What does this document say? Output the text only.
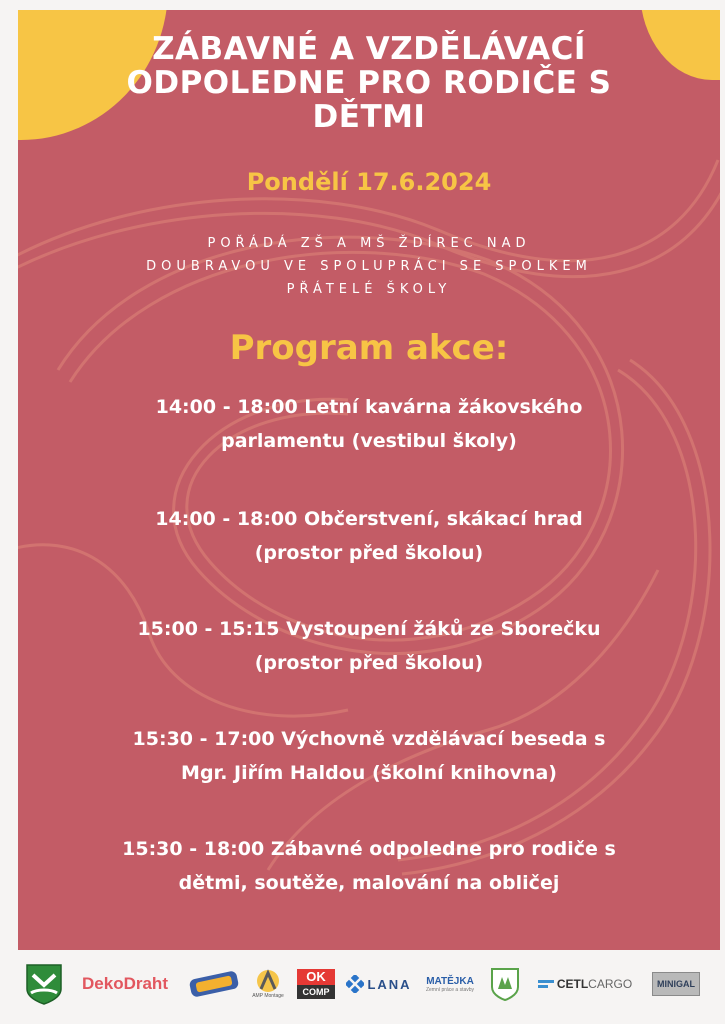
ZÁBAVNÉ A VZDĚLÁVACÍ
ODPOLEDNE PRO RODIČE S
DĚTMI

Pondělí 17.6.2024

POŘÁDÁ ZŠ A MŠ ŽDÍREC NAD
DOUBRAVOU VE SPOLUPRÁCI SE SPOLKEM
PŘÁTELÉ ŠKOLY

Program akce:
14:00 - 18:00 Letní kavárna žákovského
parlamentu (vestibul školy)
14:00 - 18:00 Občerstvení, skákací hrad
(prostor před školou)
15:00 - 15:15 Vystoupení žáků ze Sborečku
(prostor před školou)
15:30 - 17:00 Výchovně vzdělávací beseda s
Mgr. Jiřím Haldou (školní knihovna)
15:30 - 18:00 Zábavné odpoledne pro rodiče s
dětmi, soutěže, malování na obličej
DekoDraht
AMP Montage
OK
COMP
LANA MATĚJKA
Zemní práce a stavby	CETL CARGO	MINIGAL
